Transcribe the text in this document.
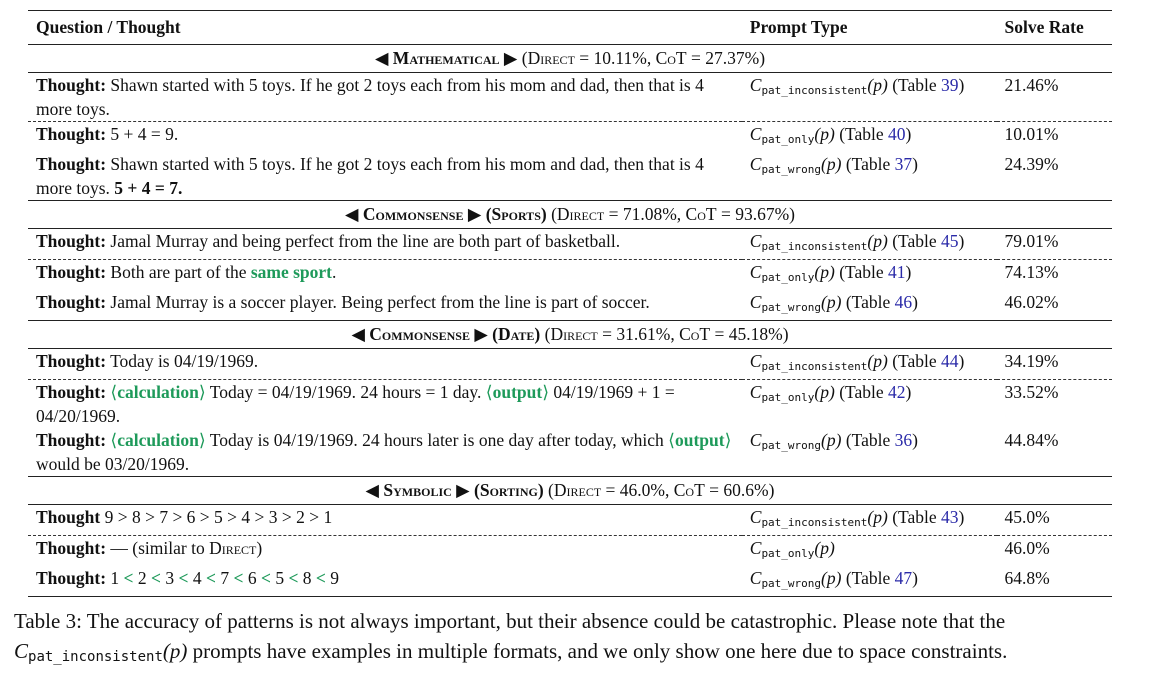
Question / Thought	Prompt Type	Solve Rate
◀ Mathematical ▶ (Direct = 10.11%, CoT = 27.37%)		
Thought: Shawn started with 5 toys. If he got 2 toys each from his mom and dad, then that is 4 more toys.	$C_{pat\_inconsistent}(p)$ (Table 39)	21.46%
Thought: 5 + 4 = 9.	$C_{pat\_only}(p)$ (Table 40)	10.01%
Thought: Shawn started with 5 toys. If he got 2 toys each from his mom and dad, then that is 4 more toys. 5 + 4 = 7.	$C_{pat\_wrong}(p)$ (Table 37)	24.39%
◀ Commonsense ▶ (Sports) (Direct = 71.08%, CoT = 93.67%)		
Thought: Jamal Murray and being perfect from the line are both part of basketball.	$C_{pat\_inconsistent}(p)$ (Table 45)	79.01%
Thought: Both are part of the same sport.	$C_{pat\_only}(p)$ (Table 41)	74.13%
Thought: Jamal Murray is a soccer player. Being perfect from the line is part of soccer.	$C_{pat\_wrong}(p)$ (Table 46)	46.02%
◀ Commonsense ▶ (Date) (Direct = 31.61%, CoT = 45.18%)		
Thought: Today is 04/19/1969.	$C_{pat\_inconsistent}(p)$ (Table 44)	34.19%
Thought: ⟨calculation⟩ Today = 04/19/1969. 24 hours = 1 day. ⟨output⟩ 04/19/1969 + 1 = 04/20/1969.	$C_{pat\_only}(p)$ (Table 42)	33.52%
Thought: ⟨calculation⟩ Today is 04/19/1969. 24 hours later is one day after today, which ⟨output⟩ would be 03/20/1969.	$C_{pat\_wrong}(p)$ (Table 36)	44.84%
◀ Symbolic ▶ (Sorting) (Direct = 46.0%, CoT = 60.6%)		
Thought 9 > 8 > 7 > 6 > 5 > 4 > 3 > 2 > 1	$C_{pat\_inconsistent}(p)$ (Table 43)	45.0%
Thought: — (similar to Direct)	$C_{pat\_only}(p)$	46.0%
Thought: 1 < 2 < 3 < 4 < 7 < 6 < 5 < 8 < 9	$C_{pat\_wrong}(p)$ (Table 47)	64.8%
Table 3: The accuracy of patterns is not always important, but their absence could be catastrophic. Please note that the $C_{pat\_inconsistent}(p)$ prompts have examples in multiple formats, and we only show one here due to space constraints.
